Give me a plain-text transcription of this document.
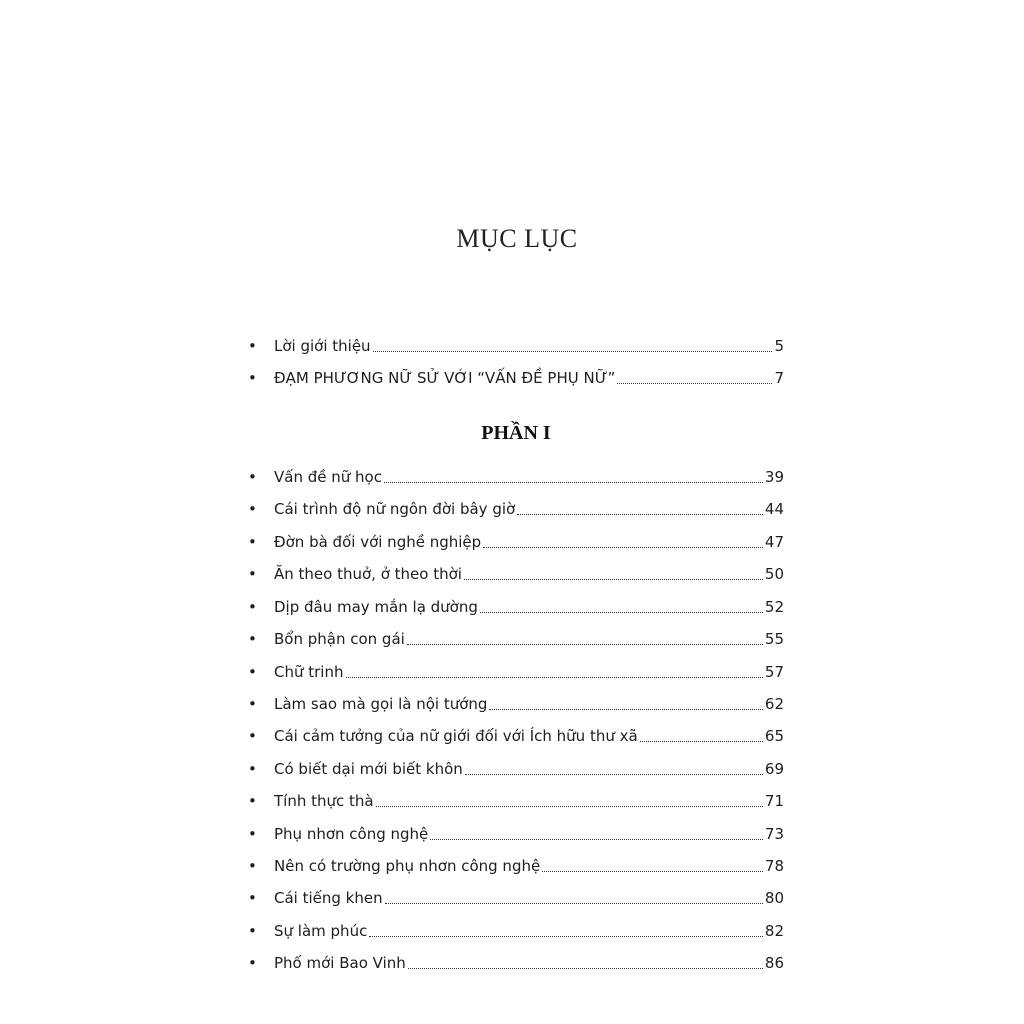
MỤC LỤC
•	Lời giới thiệu	5
•	ĐẠM PHƯƠNG NỮ SỬ VỚI “VẤN ĐỀ PHỤ NỮ”	7
PHẦN I
•	Vấn đề nữ học	39
•	Cái trình độ nữ ngôn đời bây giờ	44
•	Đờn bà đối với nghề nghiệp	47
•	Ăn theo thuở, ở theo thời	50
•	Dịp đâu may mắn lạ dường	52
•	Bổn phận con gái	55
•	Chữ trinh	57
•	Làm sao mà gọi là nội tướng	62
•	Cái cảm tưởng của nữ giới đối với Ích hữu thư xã	65
•	Có biết dại mới biết khôn	69
•	Tính thực thà	71
•	Phụ nhơn công nghệ	73
•	Nên có trường phụ nhơn công nghệ	78
•	Cái tiếng khen	80
•	Sự làm phúc	82
•	Phố mới Bao Vinh	86
